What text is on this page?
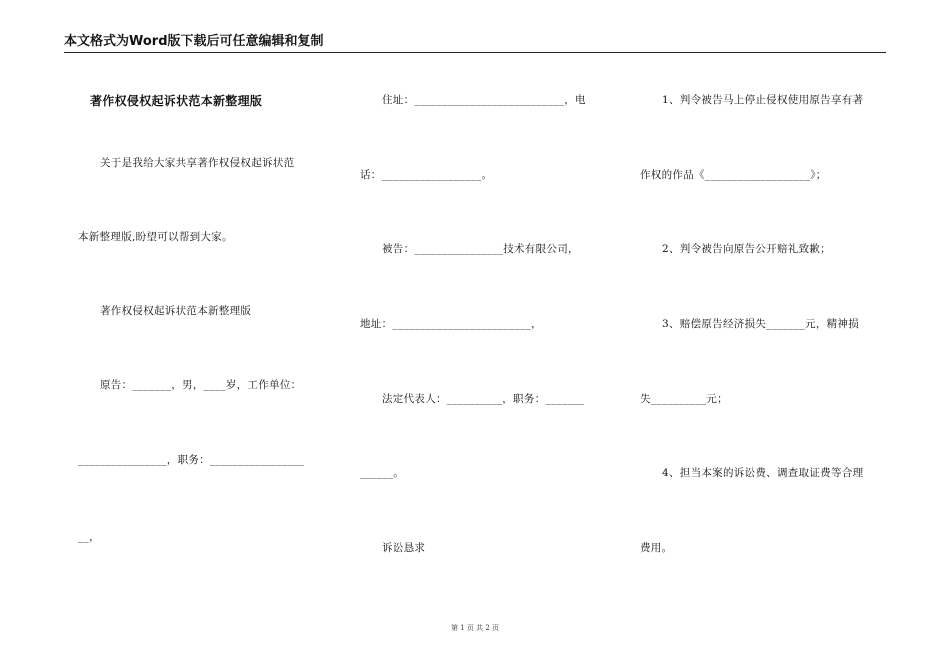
本文格式为Word版下载后可任意编辑和复制
著作权侵权起诉状范本新整理版
关于是我给大家共享著作权侵权起诉状范
本新整理版,盼望可以帮到大家。
著作权侵权起诉状范本新整理版
原告：_______，男，____岁，工作单位：
________________，职务：_________________
__，
住址：___________________________，电
话：__________________。
被告：________________技术有限公司，
地址：_________________________，
法定代表人：__________，职务：_______
______。
诉讼恳求
1、判令被告马上停止侵权使用原告享有著
作权的作品《___________________》；
2、判令被告向原告公开赔礼致歉；
3、赔偿原告经济损失_______元，精神损
失__________元；
4、担当本案的诉讼费、调查取证费等合理
费用。
第 1 页 共 2 页
